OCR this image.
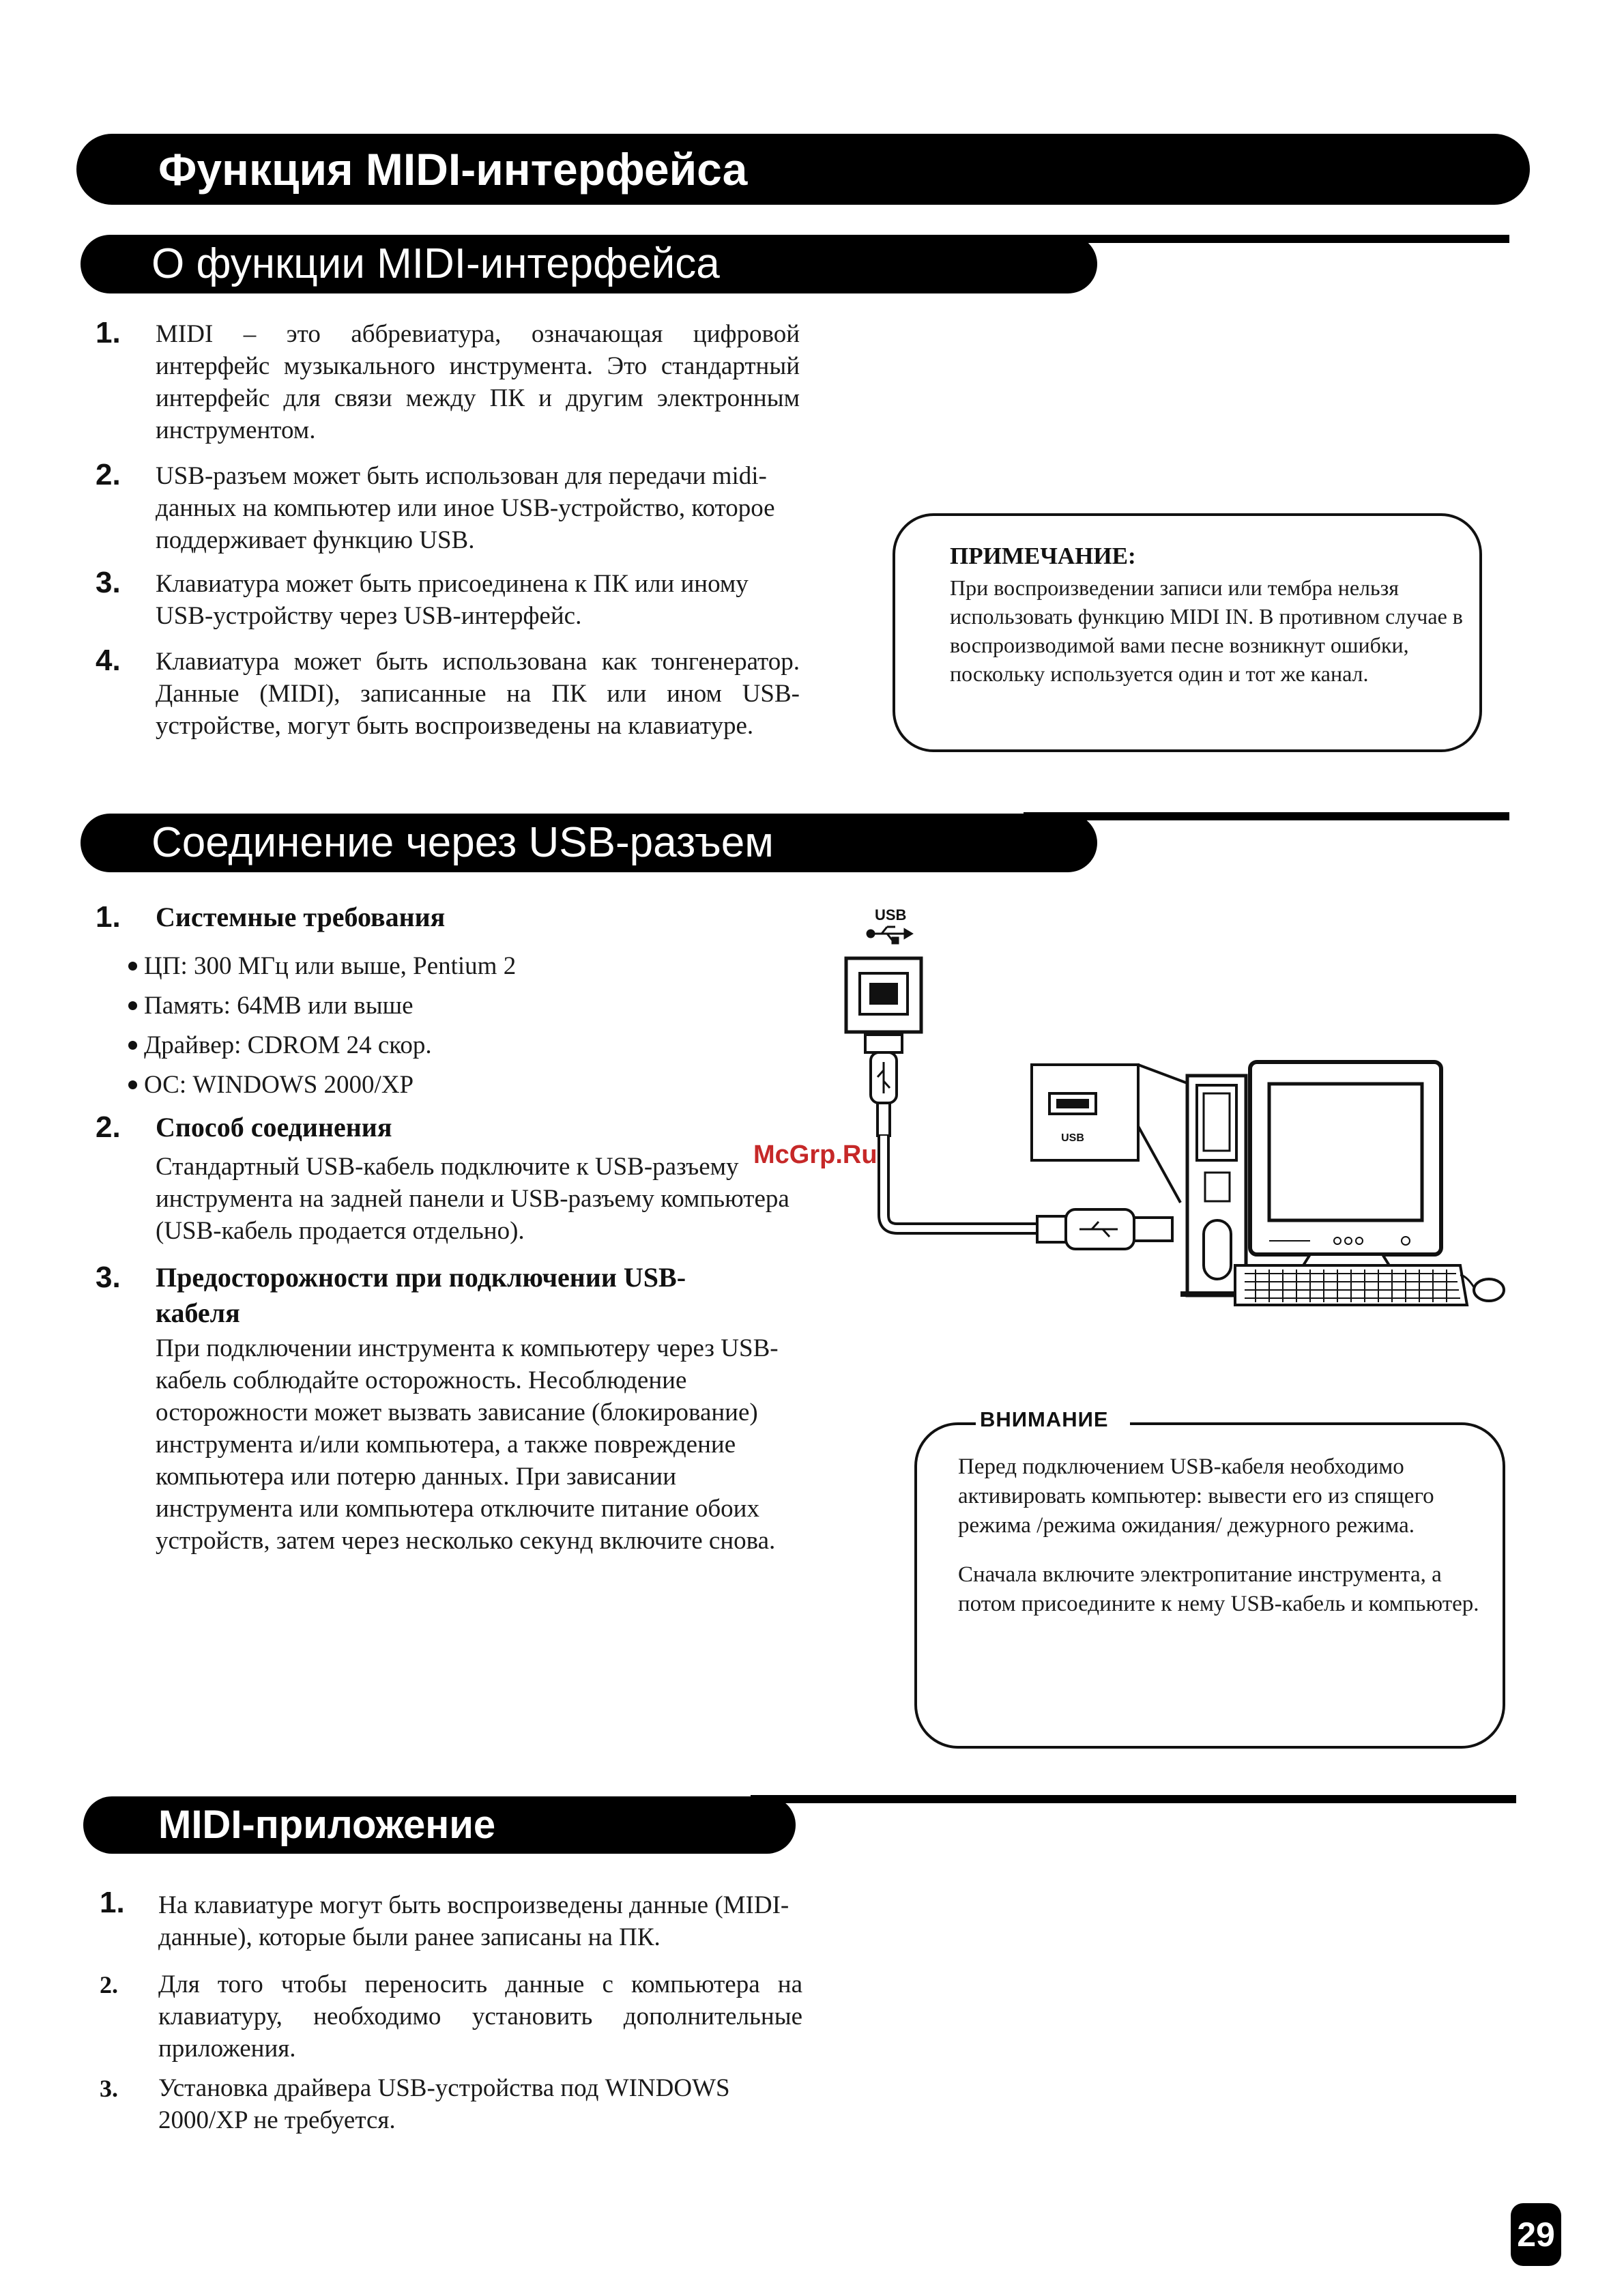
Функция MIDI-интерфейса
О функции MIDI-интерфейса
1. MIDI – это аббревиатура, означающая цифровой интерфейс музыкального инструмента. Это стандартный интерфейс для связи между ПК и другим электронным инструментом.
2. USB-разъем может быть использован для передачи midi-данных на компьютер или иное USB-устройство, которое поддерживает функцию USB.
3. Клавиатура может быть присоединена к ПК или иному USB-устройству через USB-интерфейс.
4. Клавиатура может быть использована как тонгенератор. Данные (MIDI), записанные на ПК или ином USB-устройстве, могут быть воспроизведены на клавиатуре.
ПРИМЕЧАНИЕ:
При воспроизведении записи или тембра нельзя использовать функцию MIDI IN. В противном случае в воспроизводимой вами песне возникнут ошибки, поскольку используется один и тот же канал.
Соединение через USB-разъем
1. Системные требования
ЦП: 300 МГц или выше, Pentium 2
Память: 64MB или выше
Драйвер: CDROM 24 скор.
ОС: WINDOWS 2000/XP
2. Способ соединения
Стандартный USB-кабель подключите к USB-разъему инструмента на задней панели и USB-разъему компьютера (USB-кабель продается отдельно).
3. Предосторожности при подключении USB-кабеля
При подключении инструмента к компьютеру через USB-кабель соблюдайте осторожность. Несоблюдение осторожности может вызвать зависание (блокирование) инструмента и/или компьютера, а также повреждение компьютера или потерю данных. При зависании инструмента или компьютера отключите питание обоих устройств, затем через несколько секунд включите снова.
USB
USB
McGrp.Ru
ВНИМАНИЕ
Перед подключением USB-кабеля необходимо активировать компьютер: вывести его из спящего режима /режима ожидания/ дежурного режима.
Сначала включите электропитание инструмента, а потом присоедините к нему USB-кабель и компьютер.
MIDI-приложение
1. На клавиатуре могут быть воспроизведены данные (MIDI-данные), которые были ранее записаны на ПК.
2. Для того чтобы переносить данные с компьютера на клавиатуру, необходимо установить дополнительные приложения.
3. Установка драйвера USB-устройства под WINDOWS 2000/XP не требуется.
29
